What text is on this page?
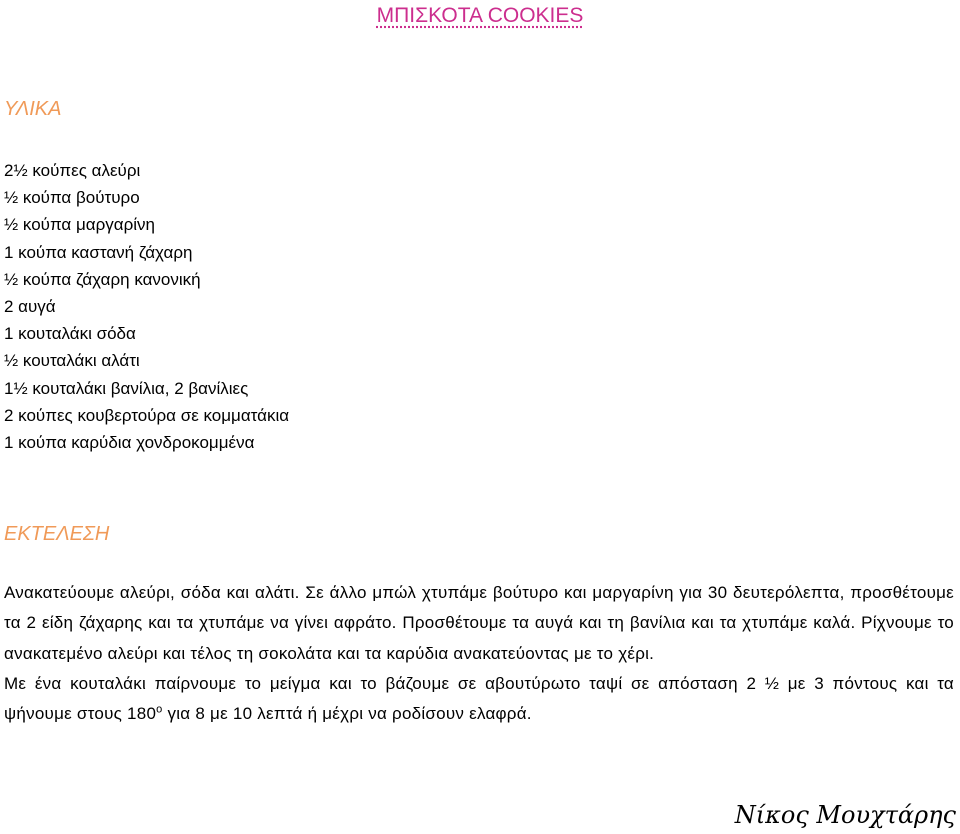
ΜΠΙΣΚΟΤΑ COOKIES
ΥΛΙΚΑ
2½ κούπες αλεύρι
½ κούπα βούτυρο
½ κούπα μαργαρίνη
1 κούπα καστανή ζάχαρη
½ κούπα ζάχαρη κανονική
2 αυγά
1 κουταλάκι σόδα
½ κουταλάκι αλάτι
1½ κουταλάκι βανίλια, 2 βανίλιες
2 κούπες κουβερτούρα σε κομματάκια
1 κούπα καρύδια χονδροκομμένα
ΕΚΤΕΛΕΣΗ

Ανακατεύουμε αλεύρι, σόδα και αλάτι. Σε άλλο μπώλ χτυπάμε βούτυρο και μαργαρίνη για 30 δευτερόλεπτα, προσθέτουμε τα 2 είδη ζάχαρης και τα χτυπάμε να γίνει αφράτο. Προσθέτουμε τα αυγά και τη βανίλια και τα χτυπάμε καλά. Ρίχνουμε το ανακατεμένο αλεύρι και τέλος τη σοκολάτα και τα καρύδια ανακατεύοντας με το χέρι.

Με ένα κουταλάκι παίρνουμε το μείγμα και το βάζουμε σε αβουτύρωτο ταψί σε απόσταση 2 ½ με 3 πόντους και τα ψήνουμε στους $180^o$ για 8 με 10 λεπτά ή μέχρι να ροδίσουν ελαφρά.

Νίκος Μουχτάρης
